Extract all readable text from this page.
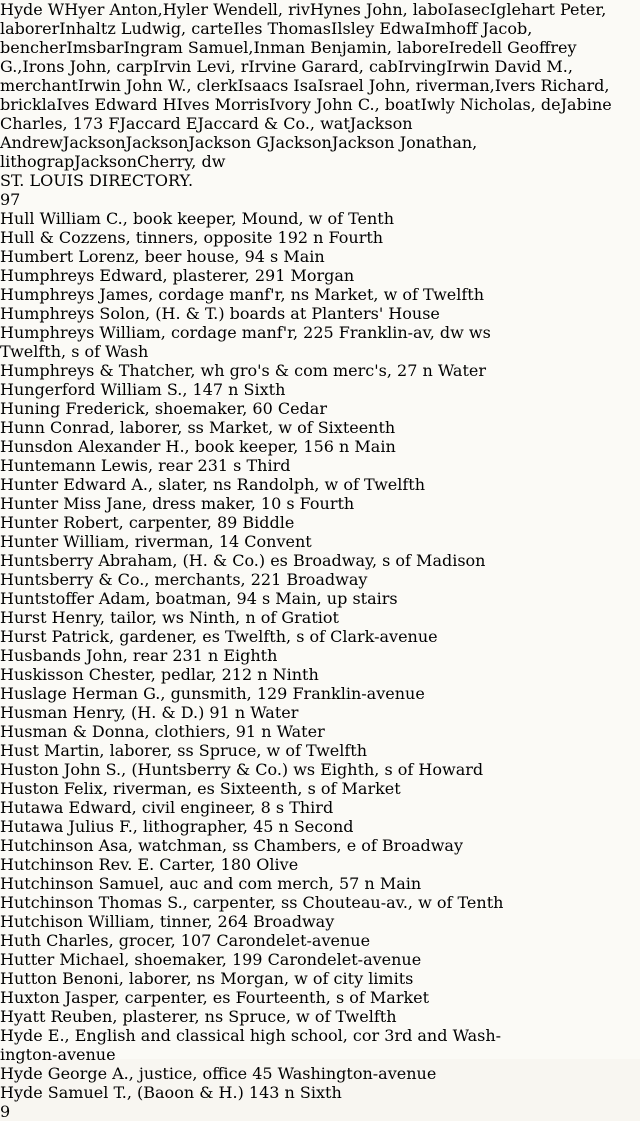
Hyde WHyer Anton,Hyler Wendell, rivHynes John, laboIasecIglehart Peter, laborerInhaltz Ludwig, carteIles ThomasIlsley EdwaImhoff Jacob, bencherImsbarIngram Samuel,Inman Benjamin, laboreIredell Geoffrey G.,Irons John, carpIrvin Levi, rIrvine Garard, cabIrvingIrwin David M., merchantIrwin John W., clerkIsaacs IsaIsrael John, riverman,Ivers Richard, bricklaIves Edward HIves MorrisIvory John C., boatIwly Nicholas, deJabine Charles, 173 FJaccard EJaccard & Co., watJackson AndrewJacksonJacksonJackson GJacksonJackson Jonathan, lithograpJacksonCherry, dw
ST. LOUIS DIRECTORY.
97
Hull William C., book keeper, Mound, w of Tenth
Hull & Cozzens, tinners, opposite 192 n Fourth
Humbert Lorenz, beer house, 94 s Main
Humphreys Edward, plasterer, 291 Morgan
Humphreys James, cordage manf'r, ns Market, w of Twelfth
Humphreys Solon, (H. & T.) boards at Planters' House
Humphreys William, cordage manf'r, 225 Franklin-av, dw ws
Twelfth, s of Wash
Humphreys & Thatcher, wh gro's & com merc's, 27 n Water
Hungerford William S., 147 n Sixth
Huning Frederick, shoemaker, 60 Cedar
Hunn Conrad, laborer, ss Market, w of Sixteenth
Hunsdon Alexander H., book keeper, 156 n Main
Huntemann Lewis, rear 231 s Third
Hunter Edward A., slater, ns Randolph, w of Twelfth
Hunter Miss Jane, dress maker, 10 s Fourth
Hunter Robert, carpenter, 89 Biddle
Hunter William, riverman, 14 Convent
Huntsberry Abraham, (H. & Co.) es Broadway, s of Madison
Huntsberry & Co., merchants, 221 Broadway
Huntstoffer Adam, boatman, 94 s Main, up stairs
Hurst Henry, tailor, ws Ninth, n of Gratiot
Hurst Patrick, gardener, es Twelfth, s of Clark-avenue
Husbands John, rear 231 n Eighth
Huskisson Chester, pedlar, 212 n Ninth
Huslage Herman G., gunsmith, 129 Franklin-avenue
Husman Henry, (H. & D.) 91 n Water
Husman & Donna, clothiers, 91 n Water
Hust Martin, laborer, ss Spruce, w of Twelfth
Huston John S., (Huntsberry & Co.) ws Eighth, s of Howard
Huston Felix, riverman, es Sixteenth, s of Market
Hutawa Edward, civil engineer, 8 s Third
Hutawa Julius F., lithographer, 45 n Second
Hutchinson Asa, watchman, ss Chambers, e of Broadway
Hutchinson Rev. E. Carter, 180 Olive
Hutchinson Samuel, auc and com merch, 57 n Main
Hutchinson Thomas S., carpenter, ss Chouteau-av., w of Tenth
Hutchison William, tinner, 264 Broadway
Huth Charles, grocer, 107 Carondelet-avenue
Hutter Michael, shoemaker, 199 Carondelet-avenue
Hutton Benoni, laborer, ns Morgan, w of city limits
Huxton Jasper, carpenter, es Fourteenth, s of Market
Hyatt Reuben, plasterer, ns Spruce, w of Twelfth
Hyde E., English and classical high school, cor 3rd and Wash-
ington-avenue
Hyde George A., justice, office 45 Washington-avenue
Hyde Samuel T., (Baoon & H.) 143 n Sixth
9
